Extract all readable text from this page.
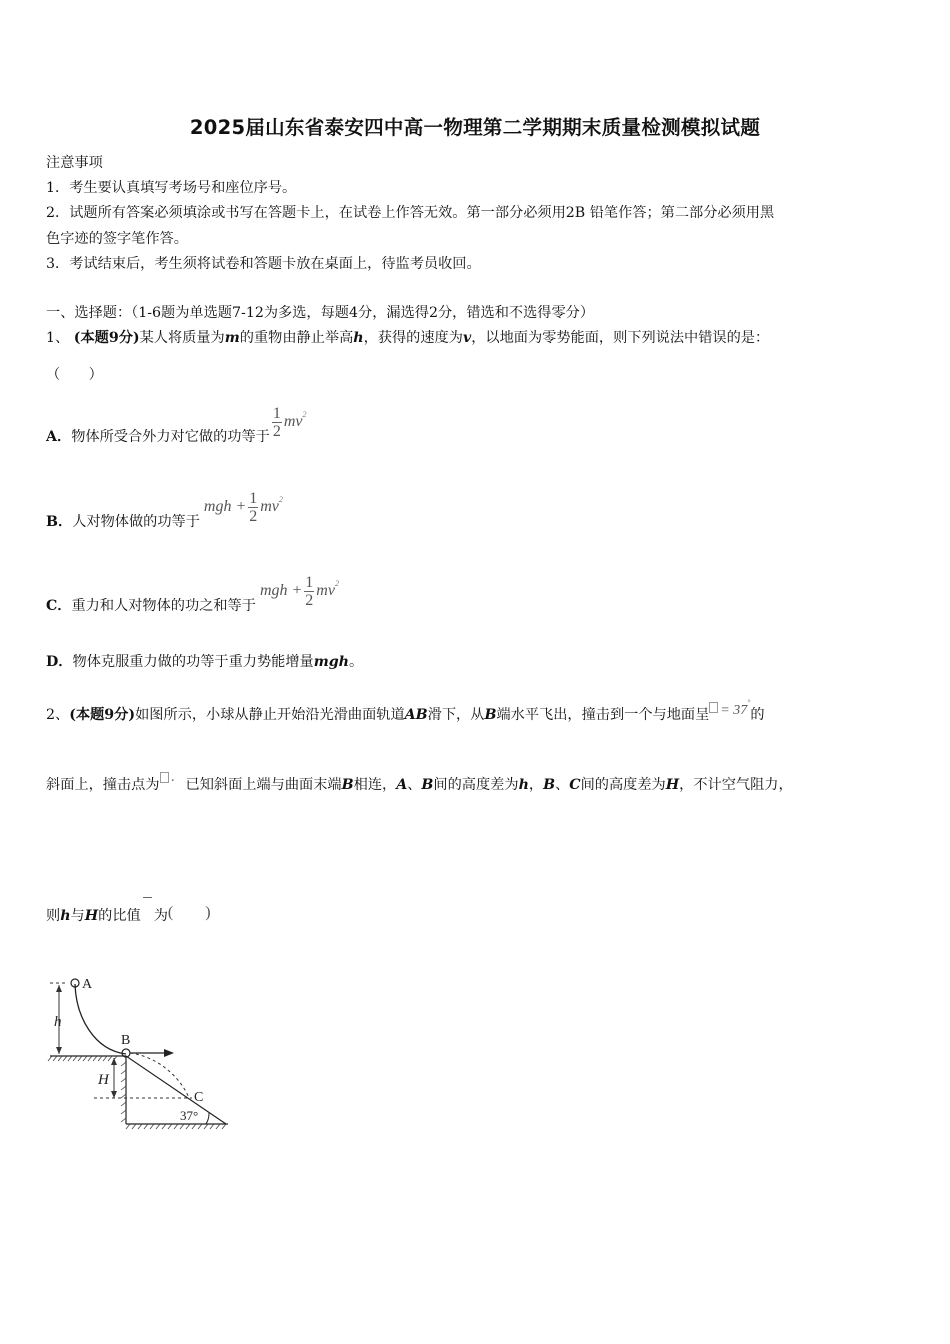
2025届山东省泰安四中高一物理第二学期期末质量检测模拟试题
注意事项
1．考生要认真填写考场号和座位序号。
2．试题所有答案必须填涂或书写在答题卡上，在试卷上作答无效。第一部分必须用2B 铅笔作答；第二部分必须用黑
色字迹的签字笔作答。
3．考试结束后，考生须将试卷和答题卡放在桌面上，待监考员收回。
一、选择题：（1-6题为单选题7-12为多选，每题4分，漏选得2分，错选和不选得零分）
1、 (本题9分)某人将质量为m的重物由静止举高h，获得的速度为v，以地面为零势能面，则下列说法中错误的是：
（　　）
A．物体所受合外力对它做的功等于 $\frac{1}{2} mv^2$
B．人对物体做的功等于mgh + $\frac{1}{2} mv^2$
C．重力和人对物体的功之和等于mgh + $\frac{1}{2} mv^2$
D．物体克服重力做的功等于重力势能增量mgh。
2、(本题9分)如图所示，小球从静止开始沿光滑曲面轨道AB滑下，从B端水平飞出，撞击到一个与地面呈 = 37°的
斜面上，撞击点为 · 已知斜面上端与曲面末端B相连，A、B间的高度差为h，B、C间的高度差为H，不计空气阻力，
则h与H的比值 为(　　)
h
A
B
H
C
37°
